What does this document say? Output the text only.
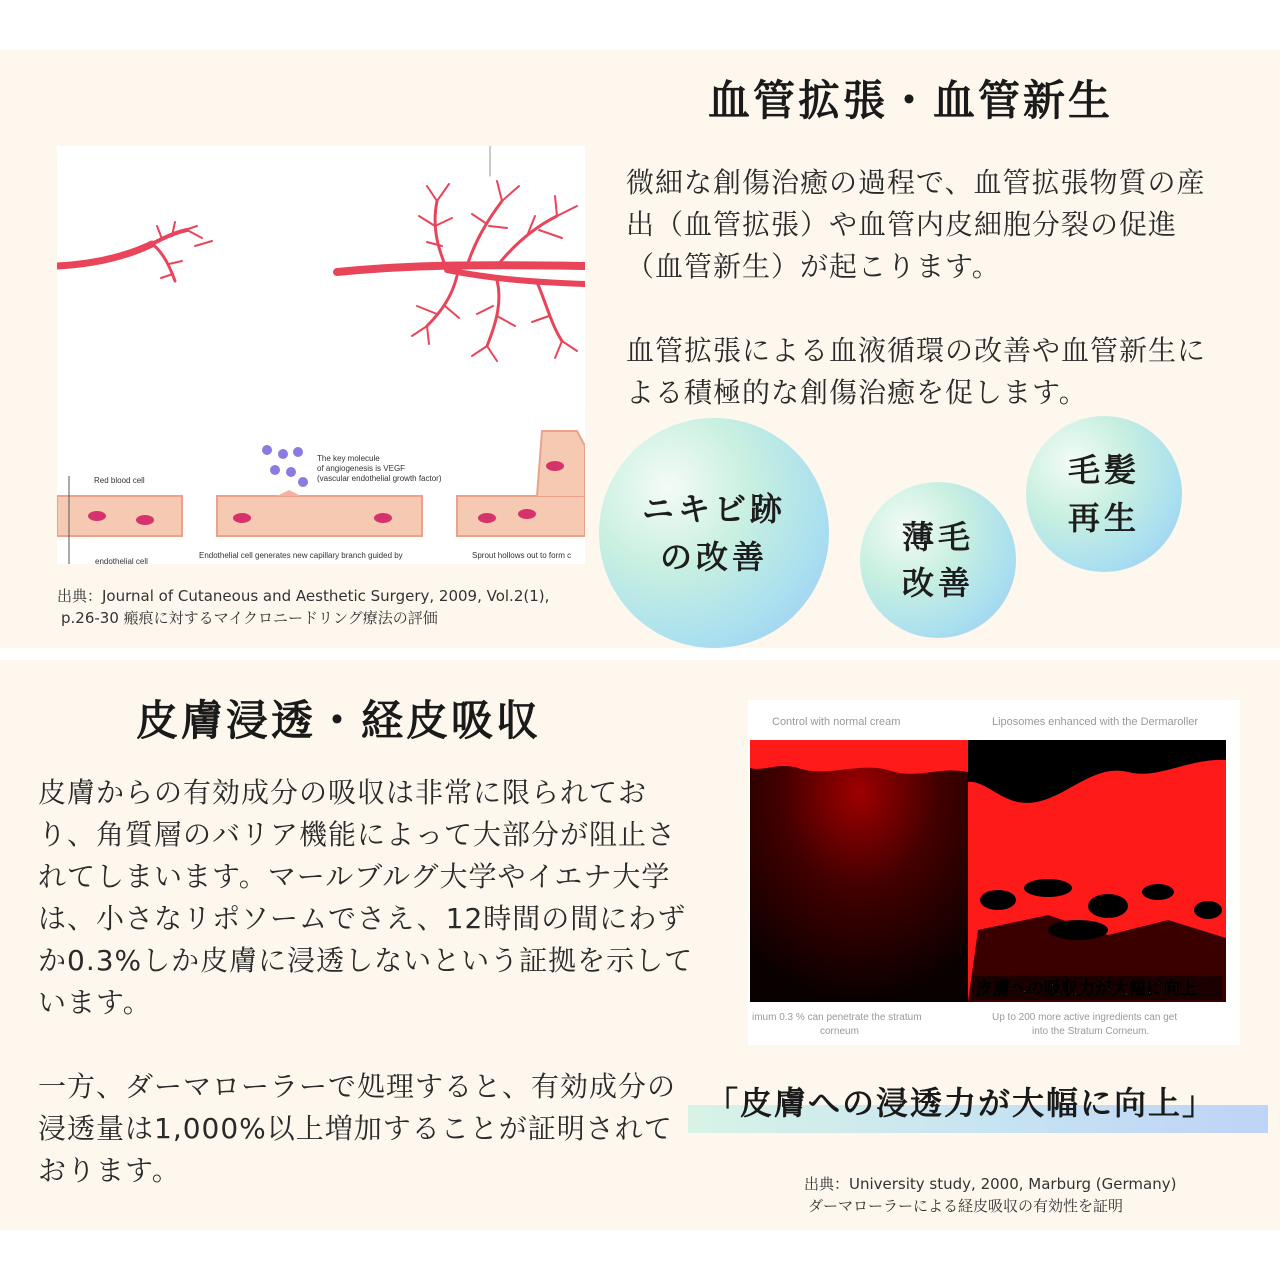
血管拡張・血管新生
Red blood cell
endothelial cell
The key molecule
of angiogenesis is VEGF
(vascular endothelial growth factor)
Endothelial cell generates new capillary branch guided by	Sprout hollows out to form c

出典：Journal of Cutaneous and Aesthetic Surgery, 2009, Vol.2(1),

p.26-30 瘢痕に対するマイクロニードリング療法の評価

微細な創傷治癒の過程で、血管拡張物質の産出（血管拡張）や血管内皮細胞分裂の促進（血管新生）が起こります。

血管拡張による血液循環の改善や血管新生による積極的な創傷治癒を促します。

ニキビ跡
の改善
薄毛
改善
毛髪
再生
皮膚浸透・経皮吸収

皮膚からの有効成分の吸収は非常に限られており、角質層のバリア機能によって大部分が阻止されてしまいます。マールブルグ大学やイエナ大学は、小さなリポソームでさえ、12時間の間にわずか0.3%しか皮膚に浸透しないという証拠を示しています。

一方、ダーマローラーで処理すると、有効成分の浸透量は1,000%以上増加することが証明されております。

Control with normal cream	Liposomes enhanced with the Dermaroller
皮膚への吸収力が大幅に向上
imum 0.3 % can penetrate the stratum
corneum
Up to 200 more active ingredients can get
into the Stratum Corneum.
「皮膚への浸透力が大幅に向上」

出典：University study, 2000, Marburg (Germany)

ダーマローラーによる経皮吸収の有効性を証明
